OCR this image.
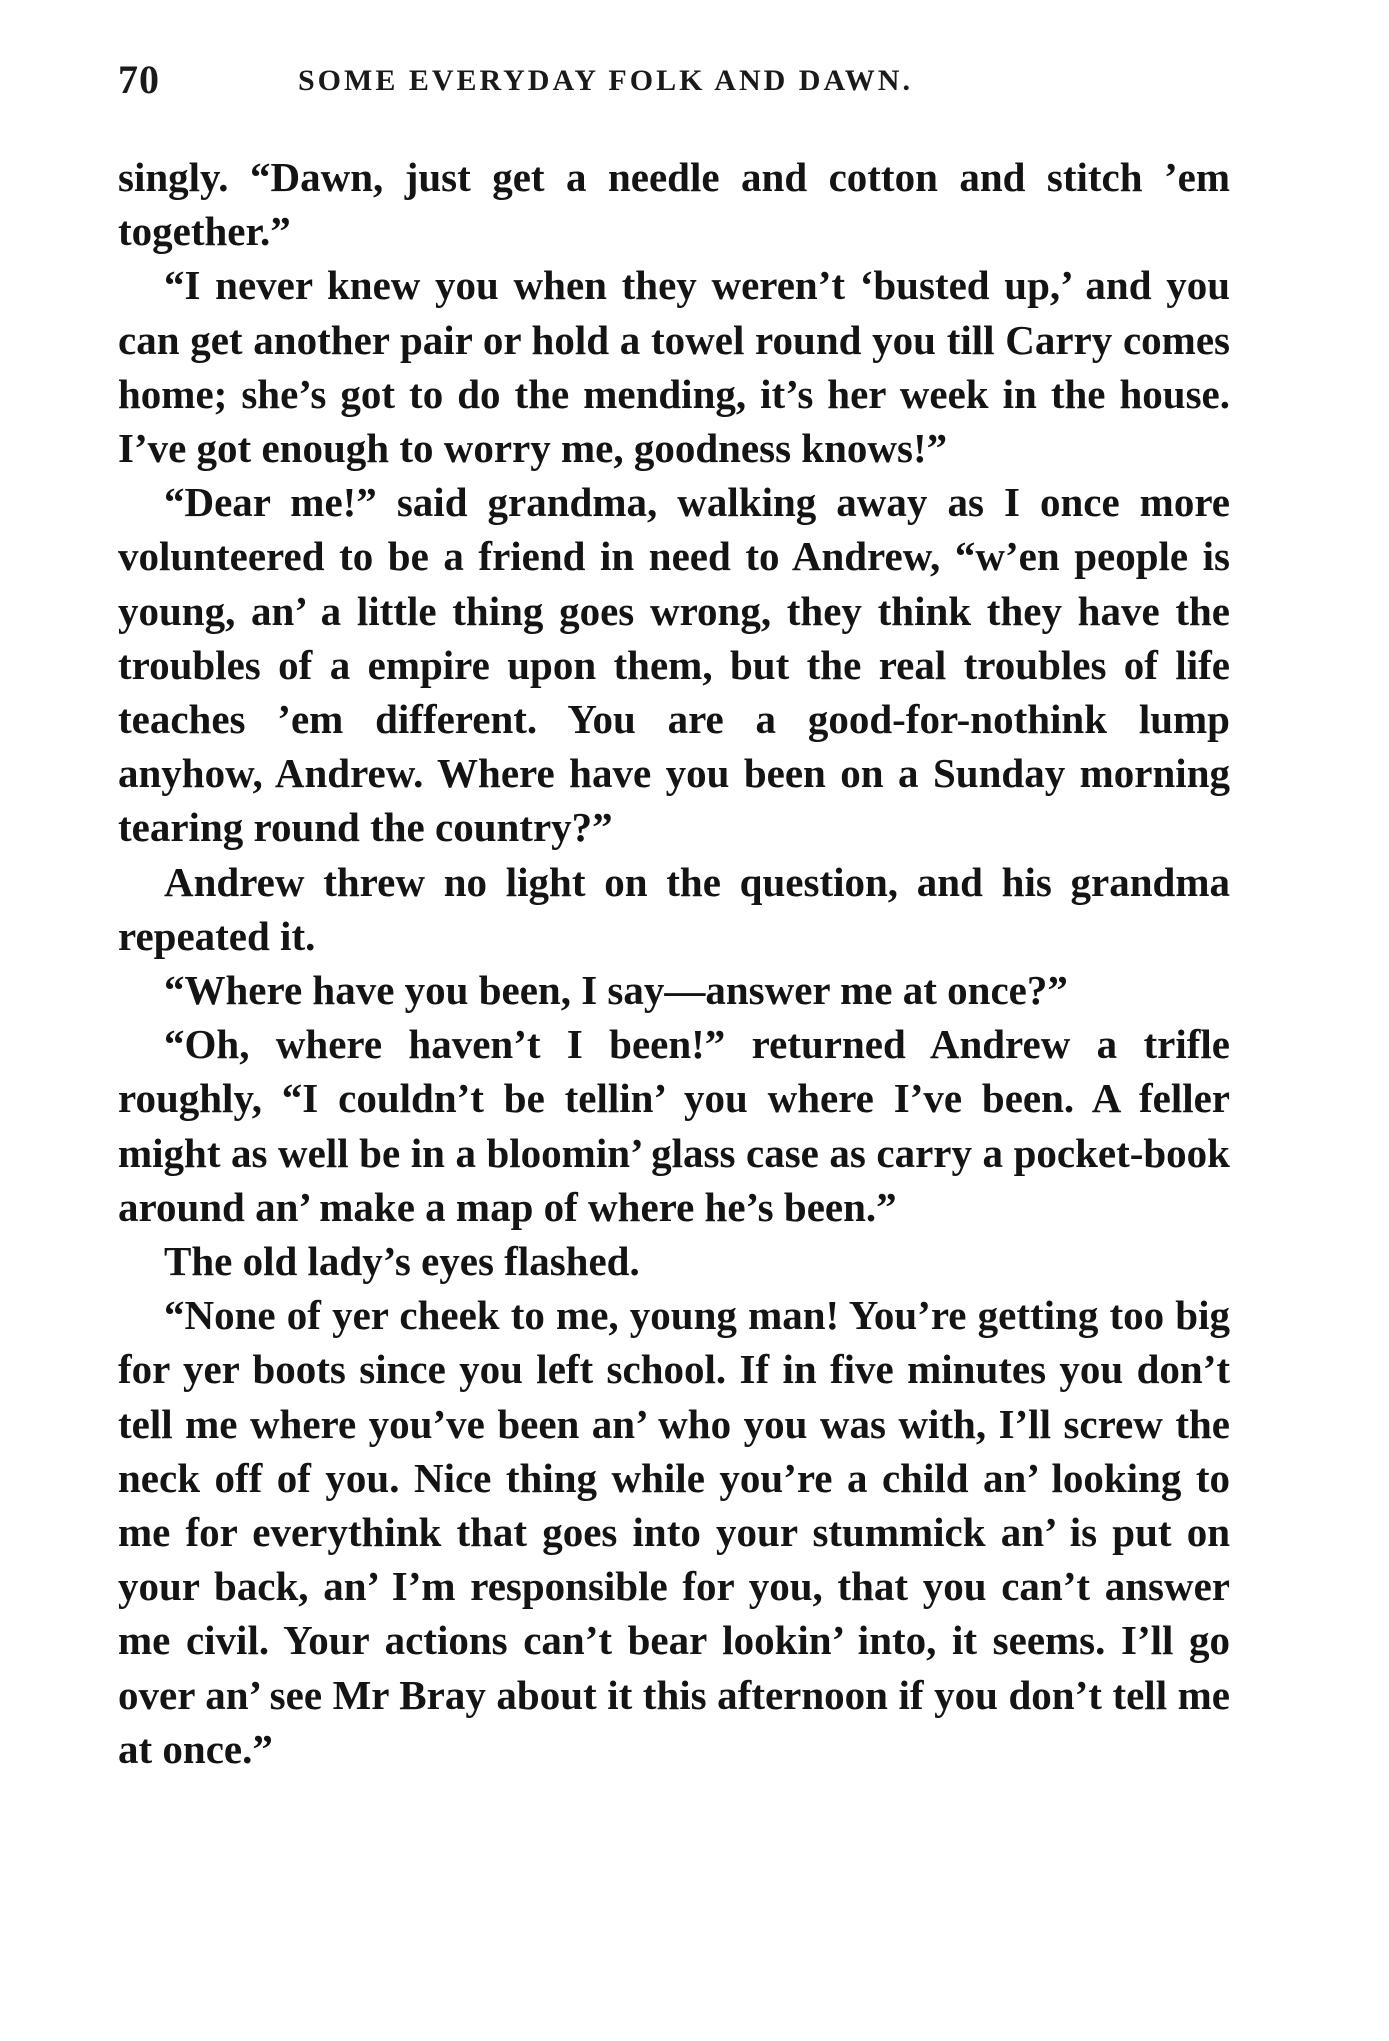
70	SOME EVERYDAY FOLK AND DAWN.

singly. “Dawn, just get a needle and cotton and stitch ’em together.”

“I never knew you when they weren’t ‘busted up,’ and you can get another pair or hold a towel round you till Carry comes home; she’s got to do the mending, it’s her week in the house. I’ve got enough to worry me, goodness knows!”

“Dear me!” said grandma, walking away as I once more volunteered to be a friend in need to Andrew, “w’en people is young, an’ a little thing goes wrong, they think they have the troubles of a empire upon them, but the real troubles of life teaches ’em different. You are a good-for-nothink lump anyhow, Andrew. Where have you been on a Sunday morning tearing round the country?”

Andrew threw no light on the question, and his grandma repeated it.

“Where have you been, I say—answer me at once?”

“Oh, where haven’t I been!” returned Andrew a trifle roughly, “I couldn’t be tellin’ you where I’ve been. A feller might as well be in a bloomin’ glass case as carry a pocket-book around an’ make a map of where he’s been.”

The old lady’s eyes flashed.

“None of yer cheek to me, young man! You’re getting too big for yer boots since you left school. If in five minutes you don’t tell me where you’ve been an’ who you was with, I’ll screw the neck off of you. Nice thing while you’re a child an’ looking to me for everythink that goes into your stummick an’ is put on your back, an’ I’m responsible for you, that you can’t answer me civil. Your actions can’t bear lookin’ into, it seems. I’ll go over an’ see Mr Bray about it this afternoon if you don’t tell me at once.”
